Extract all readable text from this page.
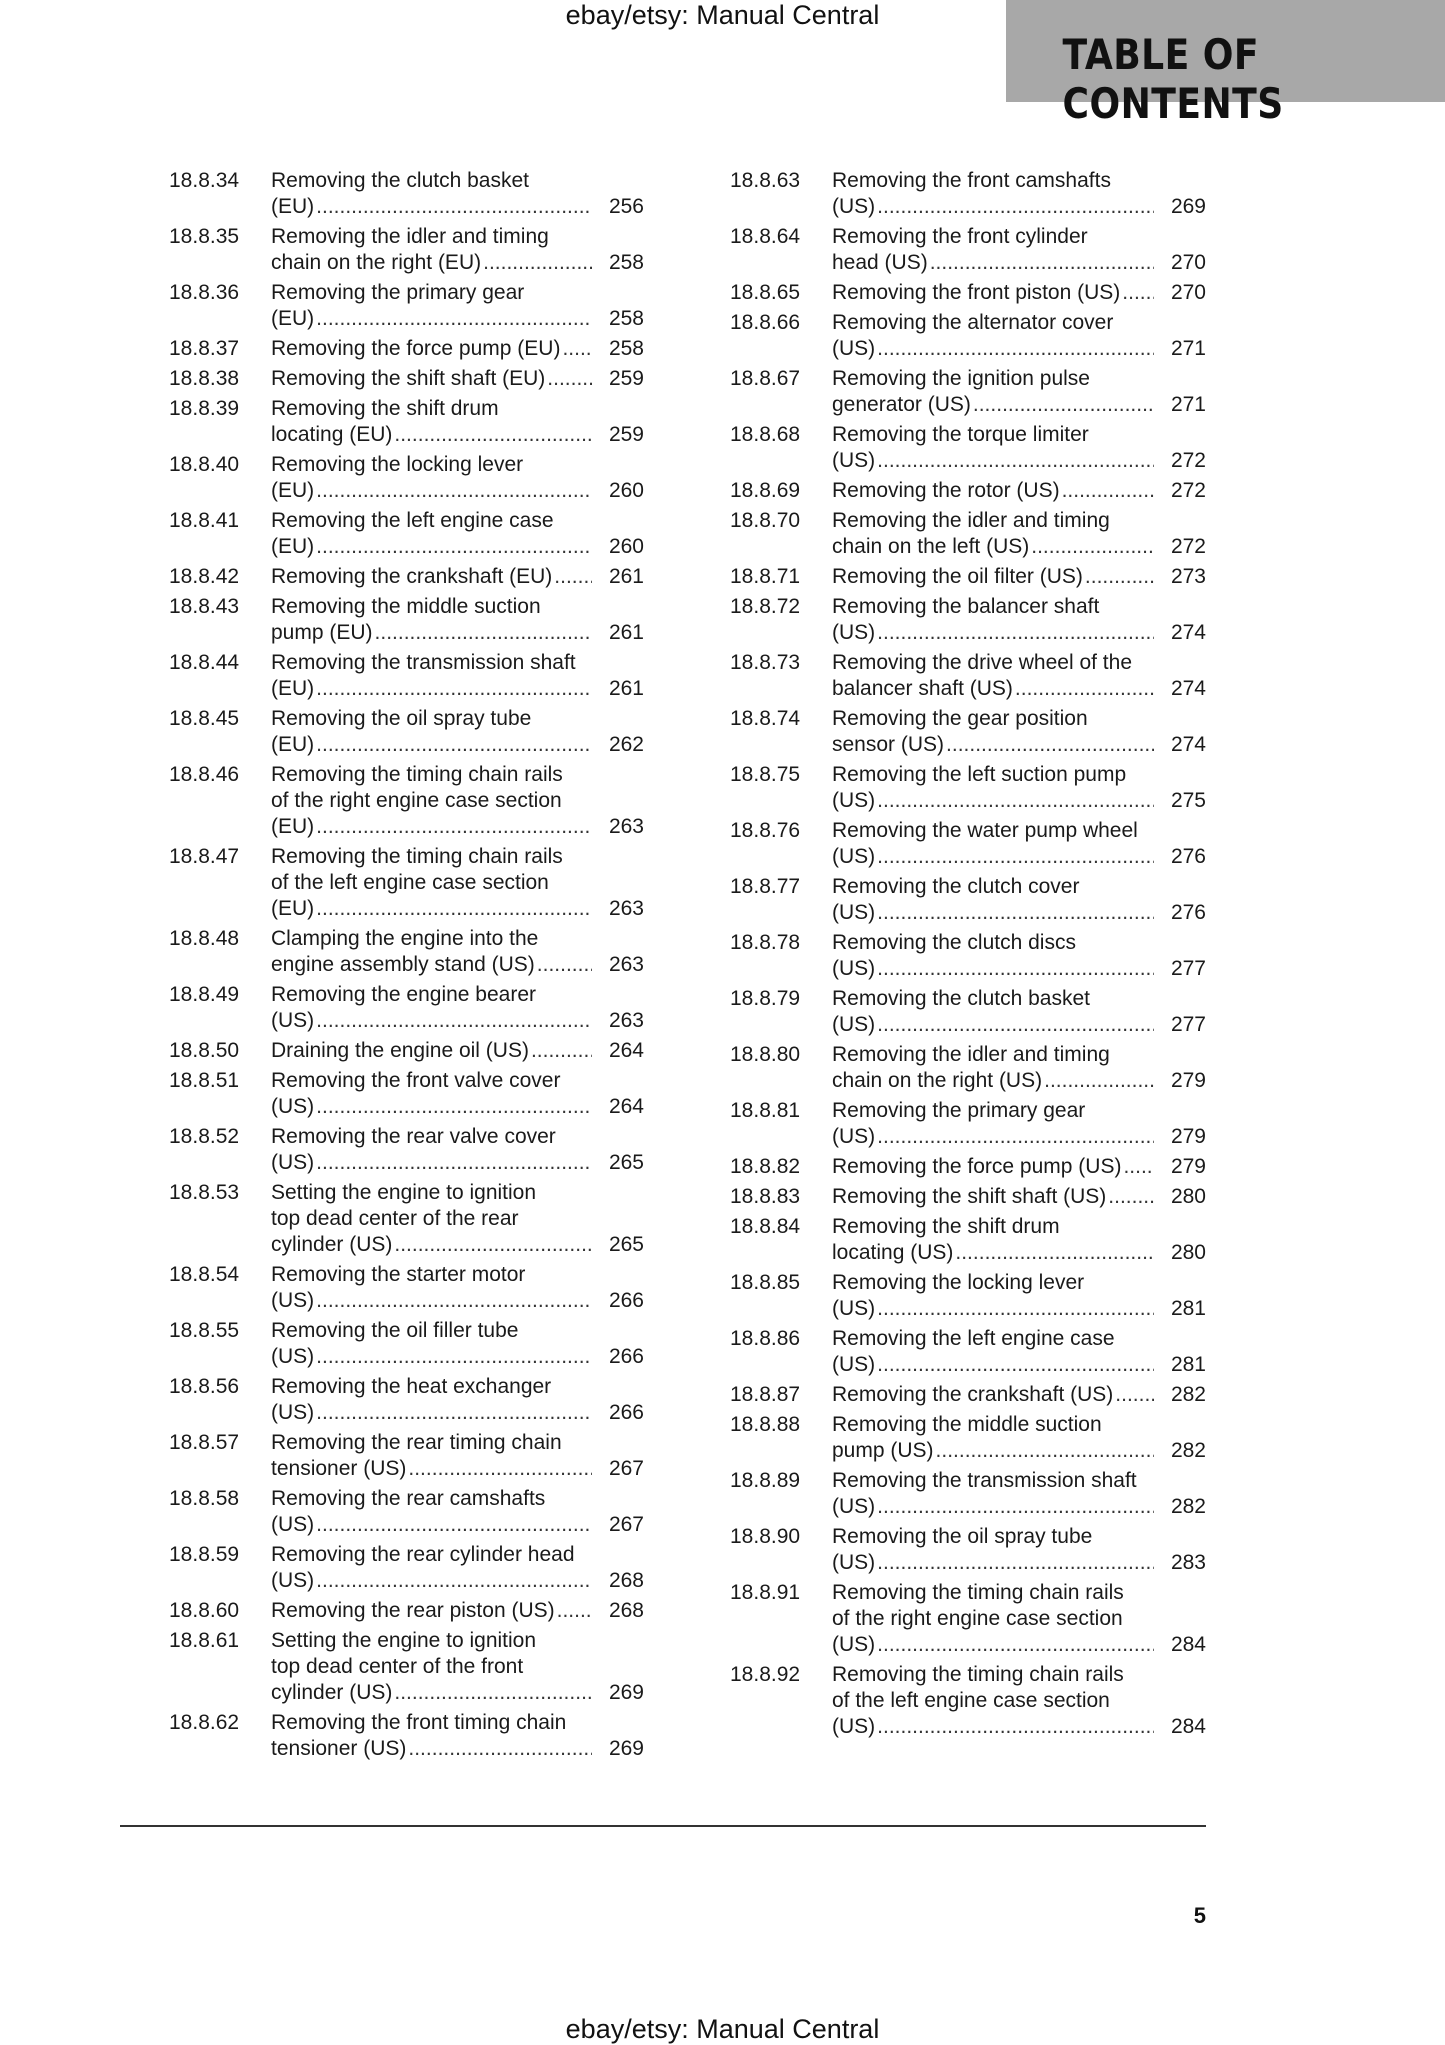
ebay/etsy: Manual Central
TABLE OF CONTENTS
18.8.34	Removing the clutch basket
(EU) .....	256
18.8.35	Removing the idler and timing
chain on the right (EU) .....	258
18.8.36	Removing the primary gear
(EU) .....	258
18.8.37	Removing the force pump (EU) .....	258
18.8.38	Removing the shift shaft (EU) .....	259
18.8.39	Removing the shift drum
locating (EU) .....	259
18.8.40	Removing the locking lever
(EU) .....	260
18.8.41	Removing the left engine case
(EU) .....	260
18.8.42	Removing the crankshaft (EU) .....	261
18.8.43	Removing the middle suction
pump (EU) .....	261
18.8.44	Removing the transmission shaft
(EU) .....	261
18.8.45	Removing the oil spray tube
(EU) .....	262
18.8.46	Removing the timing chain rails
of the right engine case section
(EU) .....	263
18.8.47	Removing the timing chain rails
of the left engine case section
(EU) .....	263
18.8.48	Clamping the engine into the
engine assembly stand (US) .....	263
18.8.49	Removing the engine bearer
(US) .....	263
18.8.50	Draining the engine oil (US) .....	264
18.8.51	Removing the front valve cover
(US) .....	264
18.8.52	Removing the rear valve cover
(US) .....	265
18.8.53	Setting the engine to ignition
top dead center of the rear
cylinder (US) .....	265
18.8.54	Removing the starter motor
(US) .....	266
18.8.55	Removing the oil filler tube
(US) .....	266
18.8.56	Removing the heat exchanger
(US) .....	266
18.8.57	Removing the rear timing chain
tensioner (US) .....	267
18.8.58	Removing the rear camshafts
(US) .....	267
18.8.59	Removing the rear cylinder head
(US) .....	268
18.8.60	Removing the rear piston (US) .....	268
18.8.61	Setting the engine to ignition
top dead center of the front
cylinder (US) .....	269
18.8.62	Removing the front timing chain
tensioner (US) .....	269
18.8.63	Removing the front camshafts
(US) .....	269
18.8.64	Removing the front cylinder
head (US) .....	270
18.8.65	Removing the front piston (US) .....	270
18.8.66	Removing the alternator cover
(US) .....	271
18.8.67	Removing the ignition pulse
generator (US) .....	271
18.8.68	Removing the torque limiter
(US) .....	272
18.8.69	Removing the rotor (US) .....	272
18.8.70	Removing the idler and timing
chain on the left (US) .....	272
18.8.71	Removing the oil filter (US) .....	273
18.8.72	Removing the balancer shaft
(US) .....	274
18.8.73	Removing the drive wheel of the
balancer shaft (US) .....	274
18.8.74	Removing the gear position
sensor (US) .....	274
18.8.75	Removing the left suction pump
(US) .....	275
18.8.76	Removing the water pump wheel
(US) .....	276
18.8.77	Removing the clutch cover
(US) .....	276
18.8.78	Removing the clutch discs
(US) .....	277
18.8.79	Removing the clutch basket
(US) .....	277
18.8.80	Removing the idler and timing
chain on the right (US) .....	279
18.8.81	Removing the primary gear
(US) .....	279
18.8.82	Removing the force pump (US) .....	279
18.8.83	Removing the shift shaft (US) .....	280
18.8.84	Removing the shift drum
locating (US) .....	280
18.8.85	Removing the locking lever
(US) .....	281
18.8.86	Removing the left engine case
(US) .....	281
18.8.87	Removing the crankshaft (US) .....	282
18.8.88	Removing the middle suction
pump (US) .....	282
18.8.89	Removing the transmission shaft
(US) .....	282
18.8.90	Removing the oil spray tube
(US) .....	283
18.8.91	Removing the timing chain rails
of the right engine case section
(US) .....	284
18.8.92	Removing the timing chain rails
of the left engine case section
(US) .....	284
5
ebay/etsy: Manual Central
